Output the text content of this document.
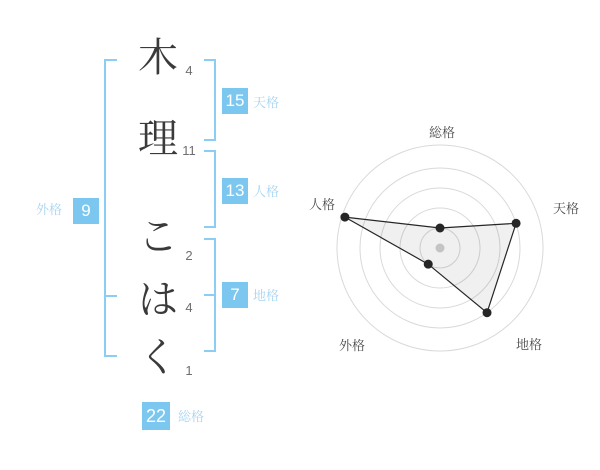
木
理
こ
は
く
4
11
2
4
1
15
13
7
9
22
天格
人格
地格
外格
総格
総格
天格
地格
外格
人格
